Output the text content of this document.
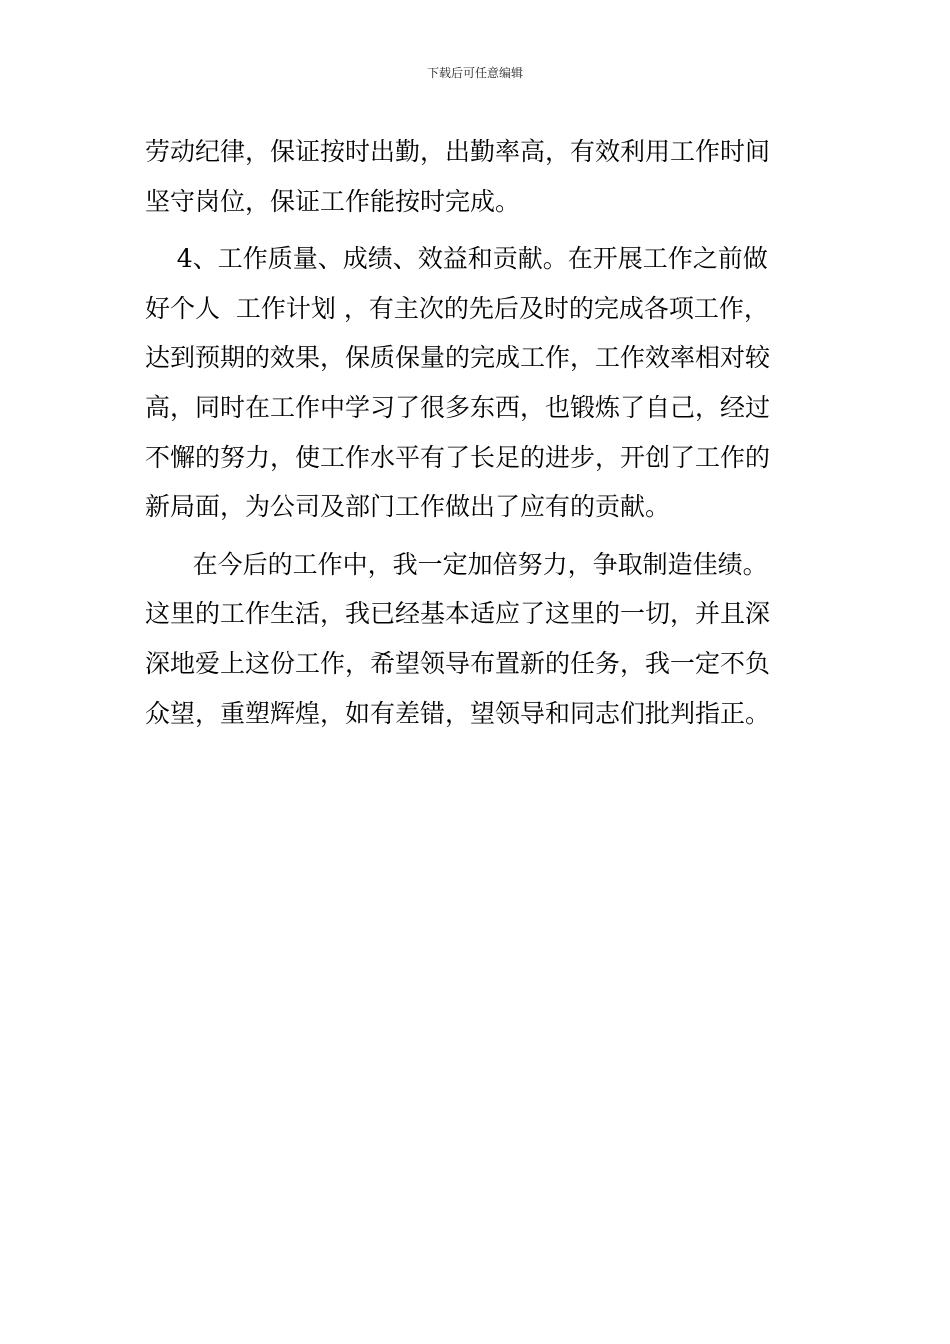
下载后可任意编辑
劳动纪律，保证按时出勤，出勤率高，有效利用工作时间
坚守岗位，保证工作能按时完成。
4、工作质量、成绩、效益和贡献。在开展工作之前做
好个人  工作计划 ，有主次的先后及时的完成各项工作，
达到预期的效果，保质保量的完成工作，工作效率相对较
高，同时在工作中学习了很多东西，也锻炼了自己，经过
不懈的努力，使工作水平有了长足的进步，开创了工作的
新局面，为公司及部门工作做出了应有的贡献。
在今后的工作中，我一定加倍努力，争取制造佳绩。
这里的工作生活，我已经基本适应了这里的一切，并且深
深地爱上这份工作，希望领导布置新的任务，我一定不负
众望，重塑辉煌，如有差错，望领导和同志们批判指正。
